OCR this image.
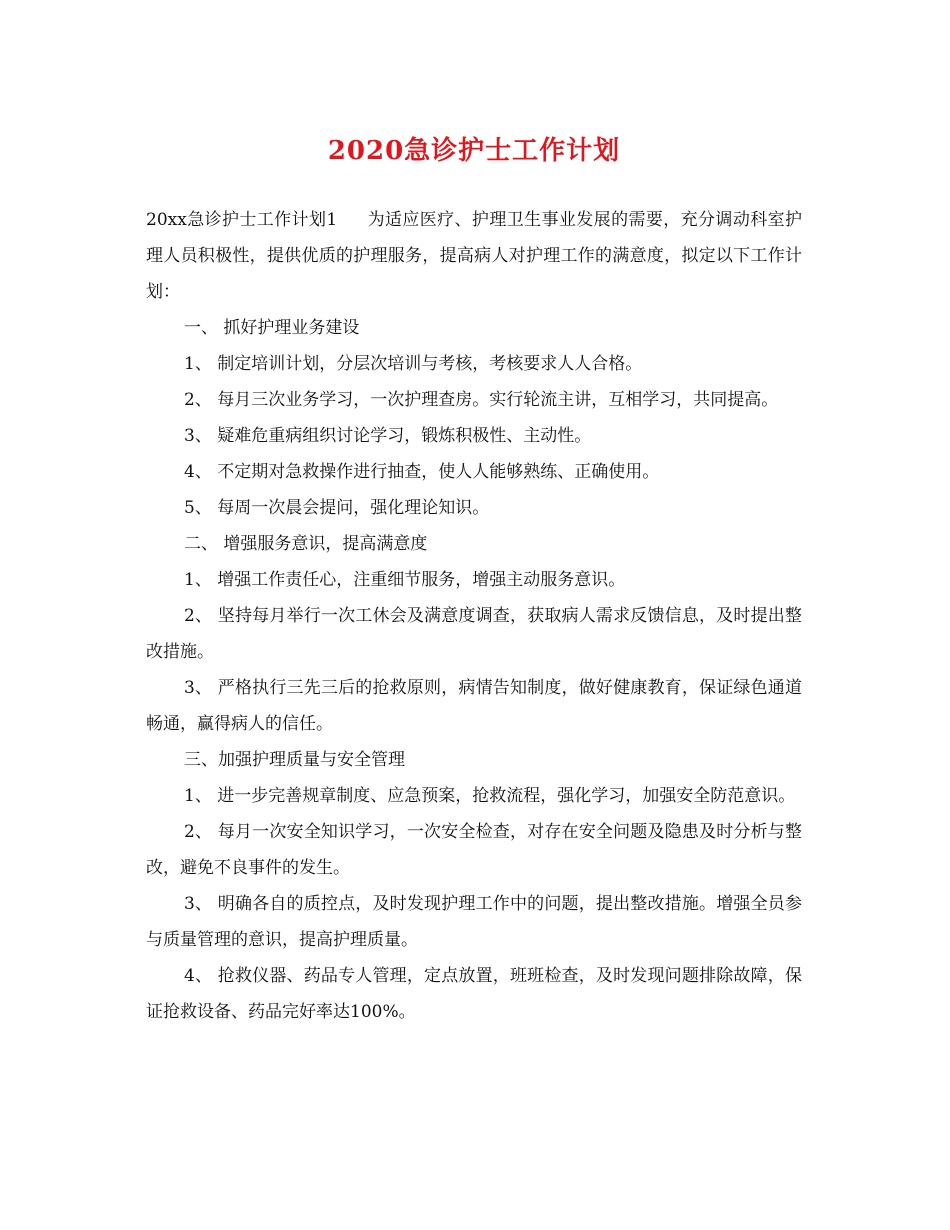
2020急诊护士工作计划

20xx急诊护士工作计划1 为适应医疗、护理卫生事业发展的需要，充分调动科室护理人员积极性，提供优质的护理服务，提高病人对护理工作的满意度，拟定以下工作计划：

一、 抓好护理业务建设

1、 制定培训计划，分层次培训与考核，考核要求人人合格。

2、 每月三次业务学习，一次护理查房。实行轮流主讲，互相学习，共同提高。

3、 疑难危重病组织讨论学习，锻炼积极性、主动性。

4、 不定期对急救操作进行抽查，使人人能够熟练、正确使用。

5、 每周一次晨会提问，强化理论知识。

二、 增强服务意识，提高满意度

1、 增强工作责任心，注重细节服务，增强主动服务意识。

2、 坚持每月举行一次工休会及满意度调查，获取病人需求反馈信息，及时提出整改措施。

3、 严格执行三先三后的抢救原则，病情告知制度，做好健康教育，保证绿色通道畅通，赢得病人的信任。

三、加强护理质量与安全管理

1、 进一步完善规章制度、应急预案，抢救流程，强化学习，加强安全防范意识。

2、 每月一次安全知识学习，一次安全检查，对存在安全问题及隐患及时分析与整改，避免不良事件的发生。

3、 明确各自的质控点，及时发现护理工作中的问题，提出整改措施。增强全员参与质量管理的意识，提高护理质量。

4、 抢救仪器、药品专人管理，定点放置，班班检查，及时发现问题排除故障，保证抢救设备、药品完好率达100%。
